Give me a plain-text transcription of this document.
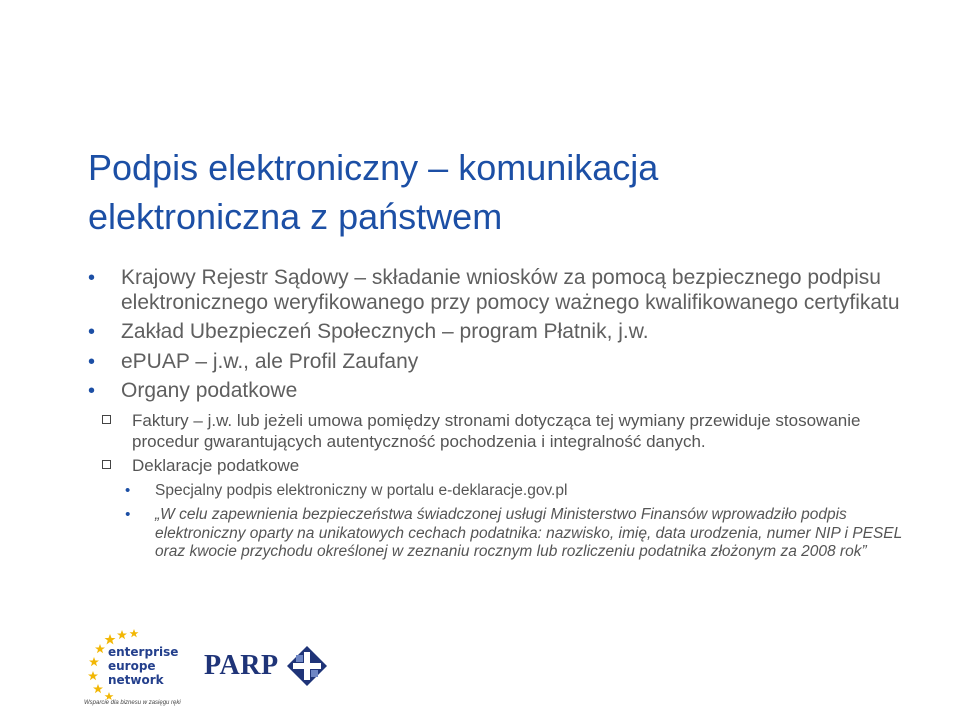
Podpis elektroniczny – komunikacja
elektroniczna z państwem
• Krajowy Rejestr Sądowy – składanie wniosków za pomocą bezpiecznego podpisu elektronicznego weryfikowanego przy pomocy ważnego kwalifikowanego certyfikatu
• Zakład Ubezpieczeń Społecznych – program Płatnik, j.w.
• ePUAP – j.w., ale Profil Zaufany
• Organy podatkowe
Faktury – j.w. lub jeżeli umowa pomiędzy stronami dotycząca tej wymiany przewiduje stosowanie procedur gwarantujących autentyczność pochodzenia i integralność danych.
Deklaracje podatkowe
• Specjalny podpis elektroniczny w portalu e-deklaracje.gov.pl
• „W celu zapewnienia bezpieczeństwa świadczonej usługi Ministerstwo Finansów wprowadziło podpis elektroniczny oparty na unikatowych cechach podatnika: nazwisko, imię, data urodzenia, numer NIP i PESEL oraz kwocie przychodu określonej w zeznaniu rocznym lub rozliczeniu podatnika złożonym za 2008 rok”
enterprise
europe
network
Wsparcie dla biznesu w zasięgu ręki
PARP
